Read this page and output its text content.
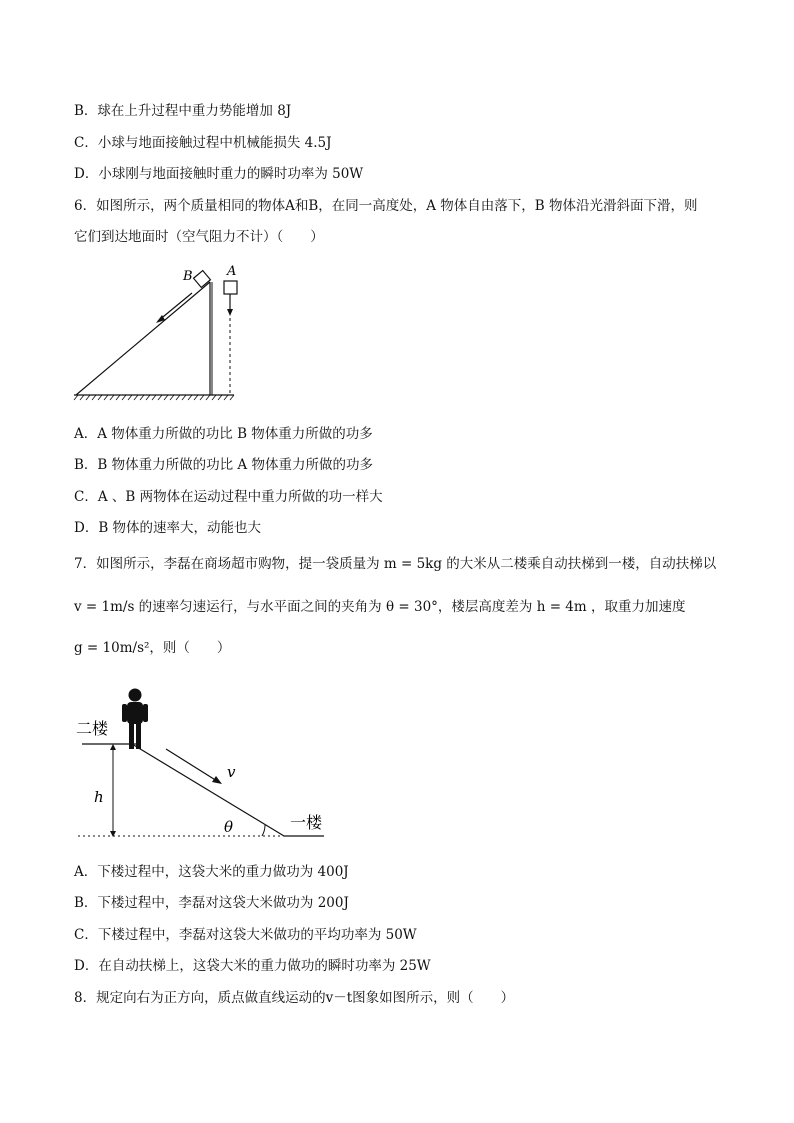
B．球在上升过程中重力势能增加 8J
C．小球与地面接触过程中机械能损失 4.5J
D．小球刚与地面接触时重力的瞬时功率为 50W
6．如图所示，两个质量相同的物体A和B，在同一高度处，A 物体自由落下，B 物体沿光滑斜面下滑，则
它们到达地面时（空气阻力不计）（　　）
B	A
A．A 物体重力所做的功比 B 物体重力所做的功多
B．B 物体重力所做的功比 A 物体重力所做的功多
C．A 、B 两物体在运动过程中重力所做的功一样大
D．B 物体的速率大，动能也大
7．如图所示，李磊在商场超市购物，提一袋质量为 m = 5kg 的大米从二楼乘自动扶梯到一楼，自动扶梯以
v = 1m/s 的速率匀速运行，与水平面之间的夹角为 θ = 30°，楼层高度差为 h = 4m ，取重力加速度
g = 10m/s²，则（　　）
二楼
一楼
h
v
θ
A．下楼过程中，这袋大米的重力做功为 400J
B．下楼过程中，李磊对这袋大米做功为 200J
C．下楼过程中，李磊对这袋大米做功的平均功率为 50W
D．在自动扶梯上，这袋大米的重力做功的瞬时功率为 25W
8．规定向右为正方向，质点做直线运动的v－t图象如图所示，则（　　）
